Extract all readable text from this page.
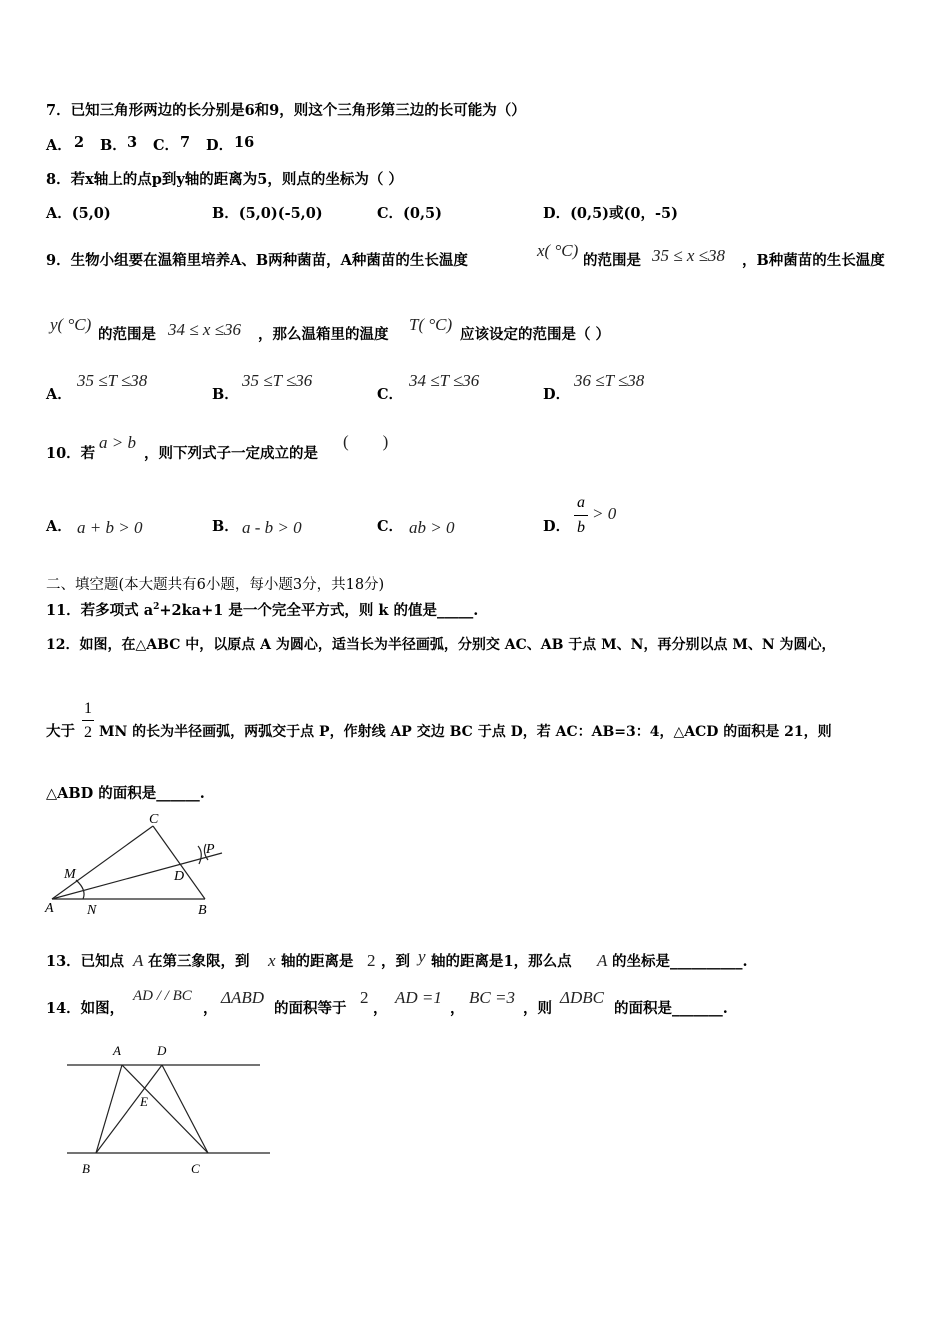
7．已知三角形两边的长分别是6和9，则这个三角形第三边的长可能为（）
A． 2 B． 3 C． 7 D． 16
8．若x轴上的点p到y轴的距离为5，则点的坐标为（ ）
A．(5,0)	B．(5,0)(-5,0)	C．(0,5)	D．(0,5)或(0，-5)
9．生物小组要在温箱里培养A、B两种菌苗，A种菌苗的生长温度
x( °C)
的范围是 35 ≤ x ≤38 ，B种菌苗的生长温度
y( °C)
的范围是 34 ≤ x ≤36 ，那么温箱里的温度
T( °C)
应该设定的范围是（ ）
A．
35 ≤T ≤38
B．
35 ≤T ≤36
C．
34 ≤T ≤36
D．
36 ≤T ≤38
10．若
a > b
，则下列式子一定成立的是
(　　)
A． a + b > 0	B． a - b > 0	C． ab > 0	D．
a
b
> 0
二、填空题(本大题共有6小题，每小题3分，共18分)
11．若多项式 $a^2+2ka+1$ 是一个完全平方式，则 k 的值是_____.
12．如图，在△ABC 中，以原点 A 为圆心，适当长为半径画弧，分别交 AC、AB 于点 M、N，再分别以点 M、N 为圆心，
大于
1
2 MN 的长为半径画弧，两弧交于点 P，作射线 AP 交边 BC 于点 D，若 AC：AB=3：4，△ACD 的面积是 21，则
△ABD 的面积是______.
C
P
M	D
A N	B
13．已知点 A 在第三象限，到 x 轴的距离是 2 ，到 y 轴的距离是1，那么点 A 的坐标是__________.
14．如图，
AD / / BC
，
ΔABD
的面积等于
2
，
AD =1
，
BC =3
，则
ΔDBC
的面积是_______.
A	D
E
B	C
